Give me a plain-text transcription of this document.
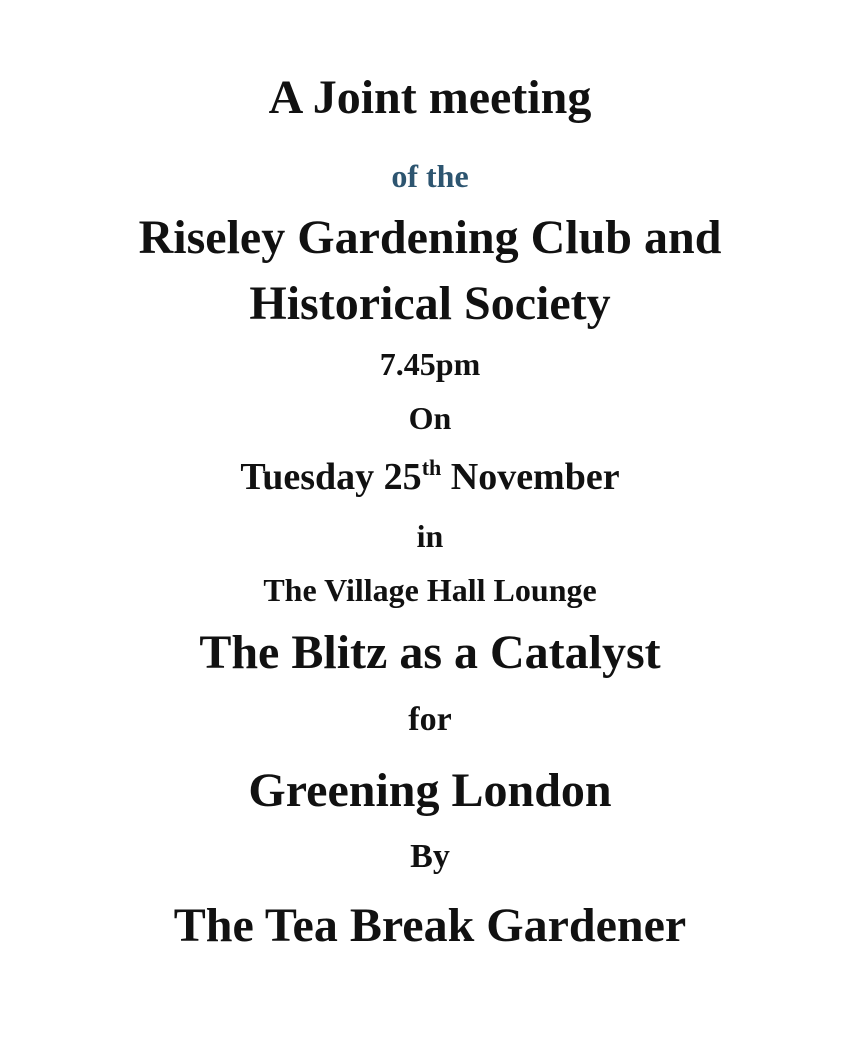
A Joint meeting
of the
Riseley Gardening Club and
Historical Society
7.45pm
On
Tuesday 25th November
in
The Village Hall Lounge
The Blitz as a Catalyst
for
Greening London
By
The Tea Break Gardener
